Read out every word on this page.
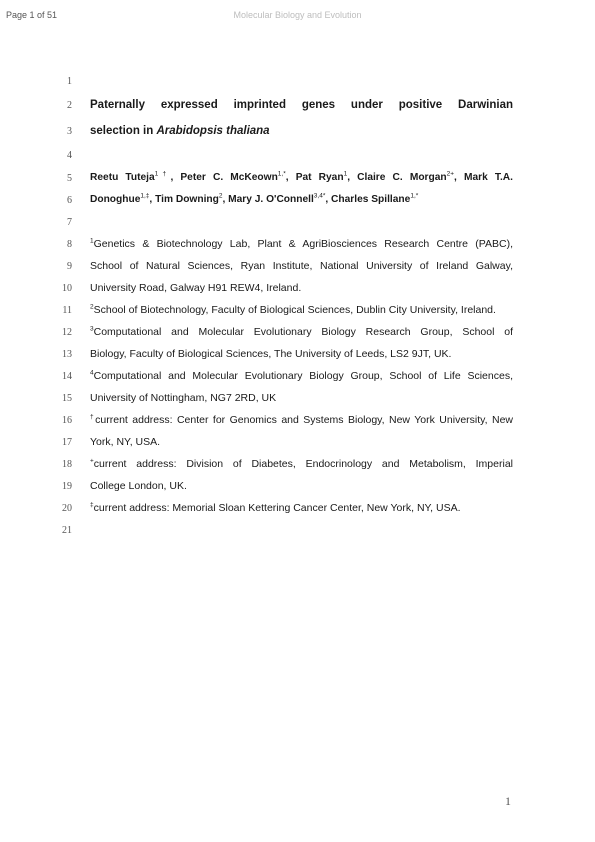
Page 1 of 51	Molecular Biology and Evolution
1
2
3
4
5
6
7
8
9
10
11
12
13
14
15
16
17
18
19
20
21
Paternally expressed imprinted genes under positive Darwinian
selection in Arabidopsis thaliana
Reetu Tuteja$^{1\dagger}$, Peter C. McKeown$^{1,*}$, Pat Ryan$^1$, Claire C. Morgan$^{2+}$, Mark T.A.
Donoghue$^{1,\ddagger}$, Tim Downing$^2$, Mary J. O'Connell$^{3,4*}$, Charles Spillane$^{1,*}$
$^1$Genetics & Biotechnology Lab, Plant & AgriBiosciences Research Centre (PABC),
School of Natural Sciences, Ryan Institute, National University of Ireland Galway,
University Road, Galway H91 REW4, Ireland.
$^2$School of Biotechnology, Faculty of Biological Sciences, Dublin City University, Ireland.
$^3$Computational and Molecular Evolutionary Biology Research Group, School of
Biology, Faculty of Biological Sciences, The University of Leeds, LS2 9JT, UK.
$^4$Computational and Molecular Evolutionary Biology Group, School of Life Sciences,
University of Nottingham, NG7 2RD, UK
†current address: Center for Genomics and Systems Biology, New York University, New
York, NY, USA.
+current address: Division of Diabetes, Endocrinology and Metabolism, Imperial
College London, UK.
‡current address: Memorial Sloan Kettering Cancer Center, New York, NY, USA.
1
